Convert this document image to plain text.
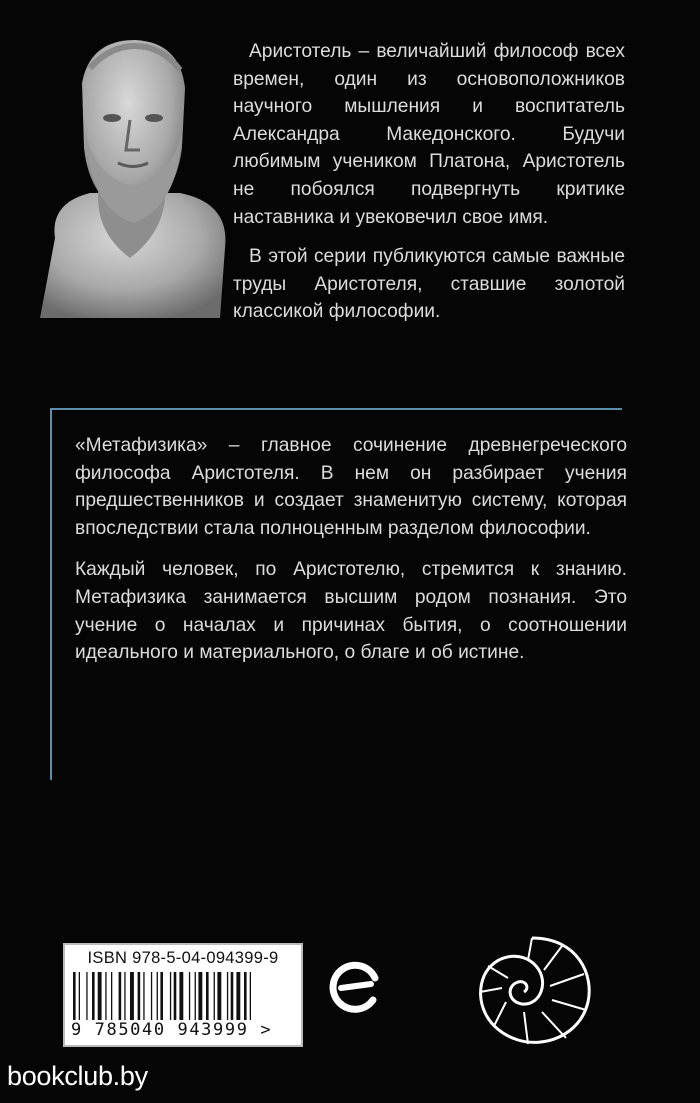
Аристотель – величайший философ всех времен, один из основоположников научного мышления и воспитатель Александра Македонского. Будучи любимым учеником Платона, Аристотель не побоялся подвергнуть критике наставника и увековечил свое имя.

В этой серии публикуются самые важные труды Аристотеля, ставшие золотой классикой философии.

«Метафизика» – главное сочинение древнегреческого философа Аристотеля. В нем он разбирает учения предшественников и создает знаменитую систему, которая впоследствии стала полноценным разделом философии.

Каждый человек, по Аристотелю, стремится к знанию. Метафизика занимается высшим родом познания. Это учение о началах и причинах бытия, о соотношении идеального и материального, о благе и об истине.

ISBN 978-5-04-094399-9
9 785040 943999 >
bookclub.by
